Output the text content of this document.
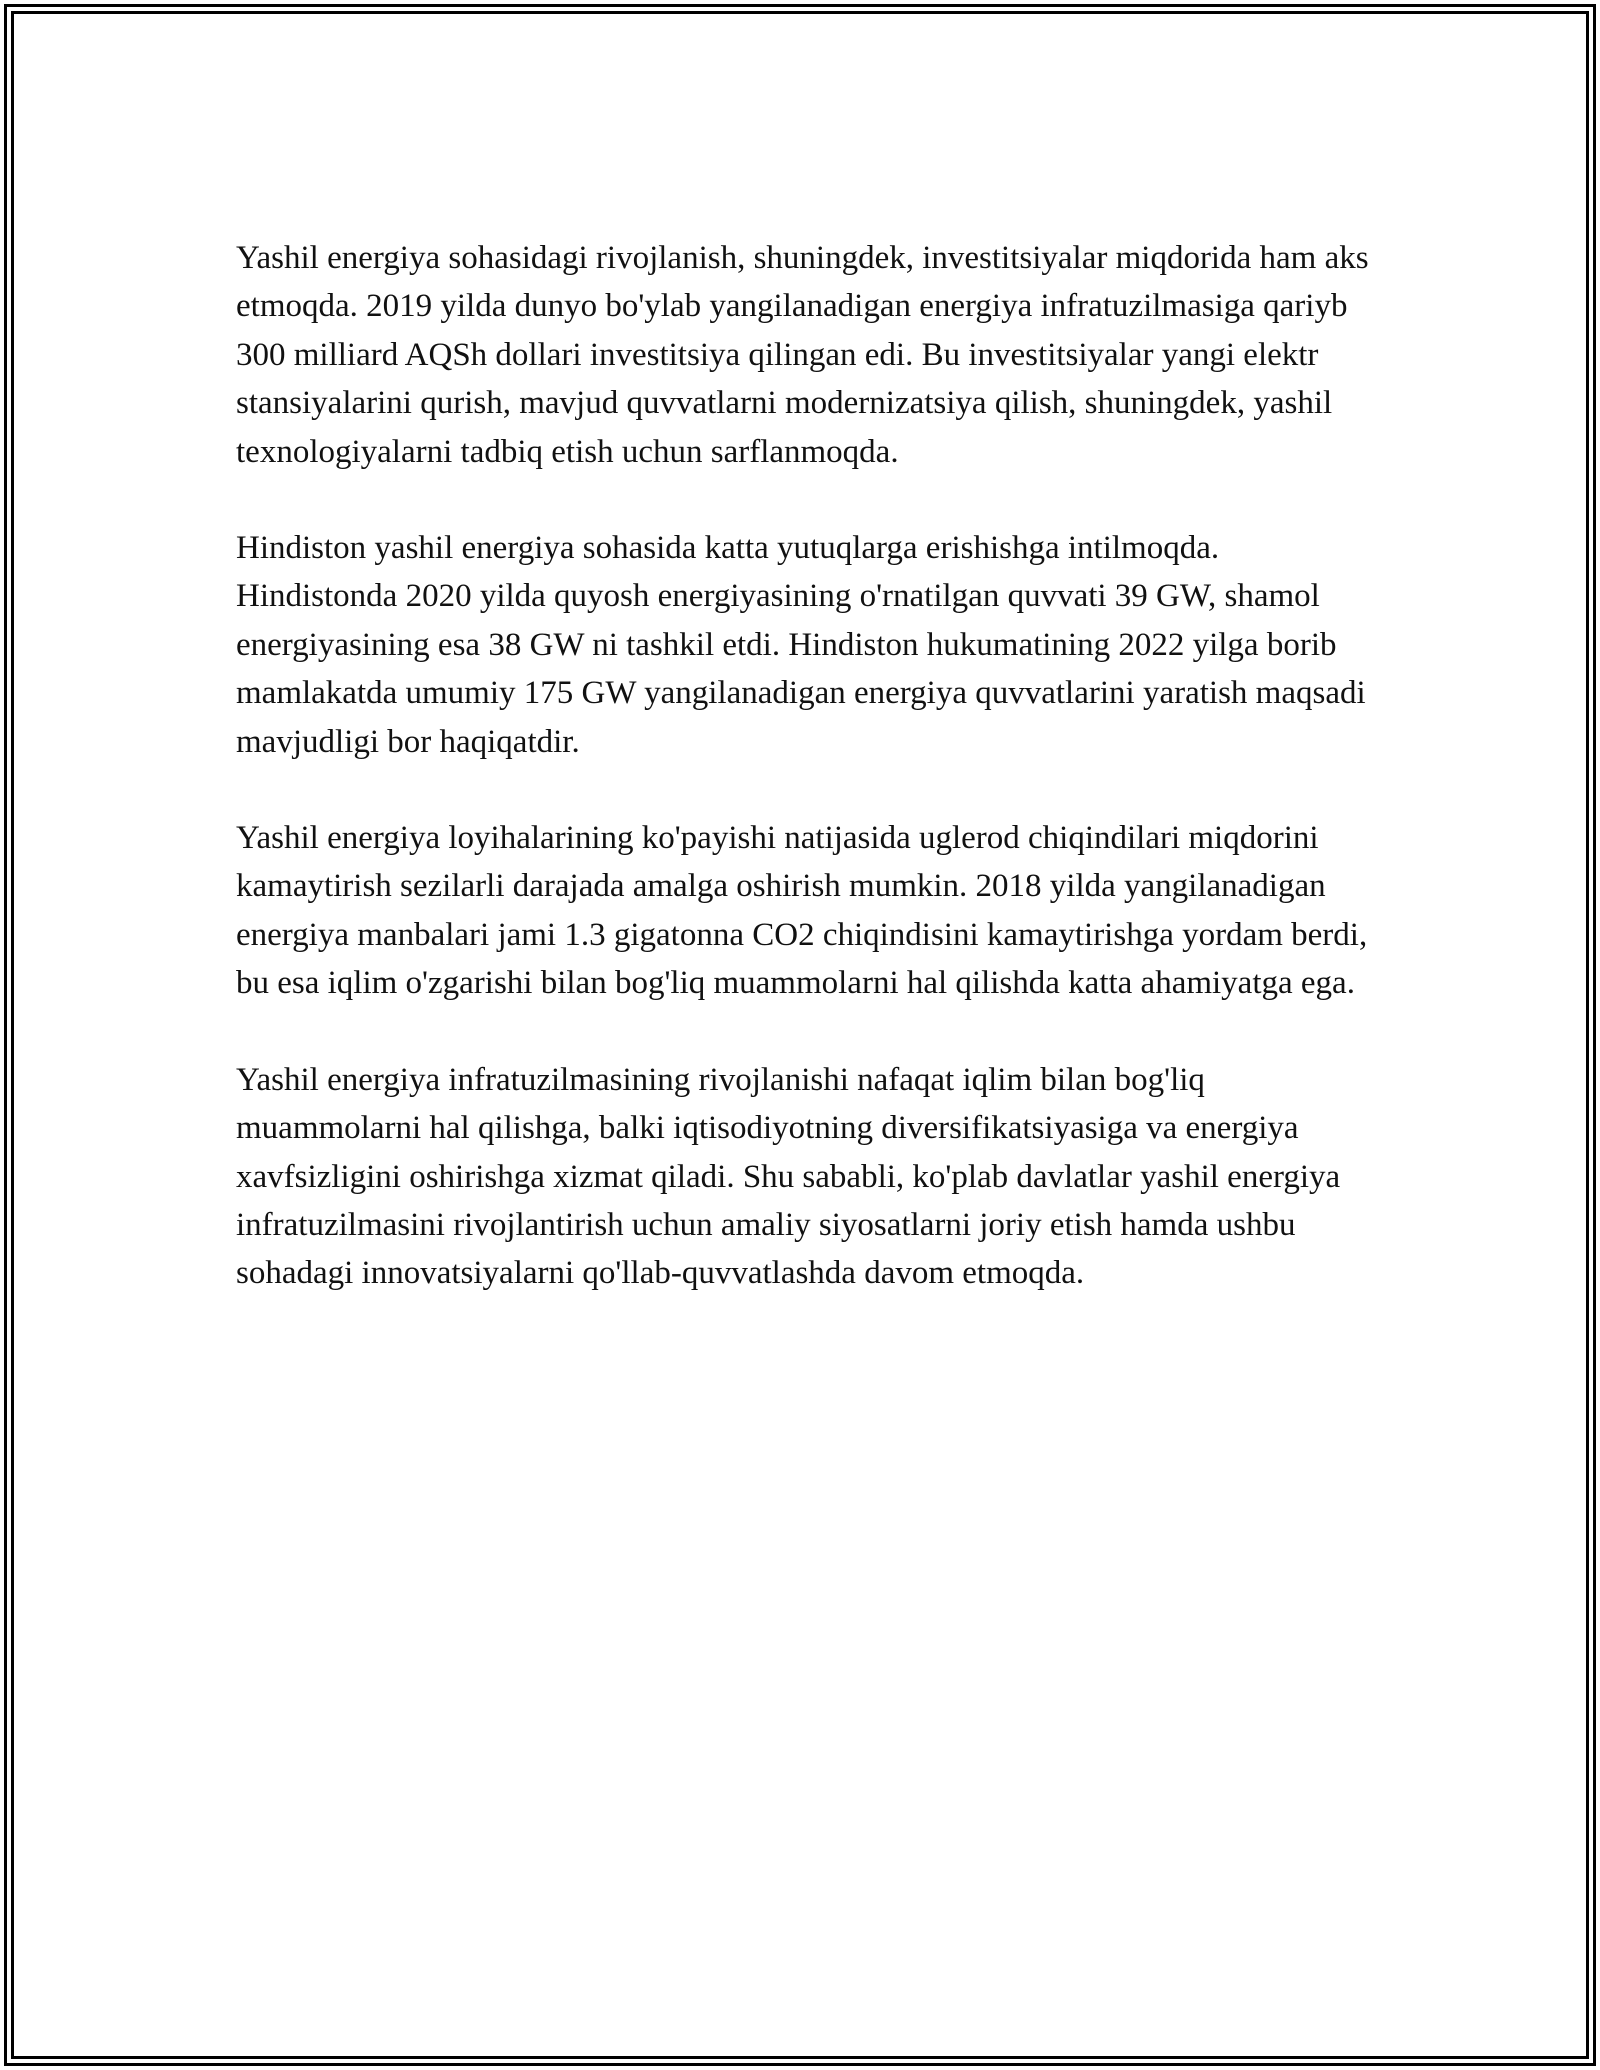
Yashil energiya sohasidagi rivojlanish, shuningdek, investitsiyalar miqdorida ham aks etmoqda. 2019 yilda dunyo bo'ylab yangilanadigan energiya infratuzilmasiga qariyb 300 milliard AQSh dollari investitsiya qilingan edi. Bu investitsiyalar yangi elektr stansiyalarini qurish, mavjud quvvatlarni modernizatsiya qilish, shuningdek, yashil texnologiyalarni tadbiq etish uchun sarflanmoqda.

Hindiston yashil energiya sohasida katta yutuqlarga erishishga intilmoqda. Hindistonda 2020 yilda quyosh energiyasining o'rnatilgan quvvati 39 GW, shamol energiyasining esa 38 GW ni tashkil etdi. Hindiston hukumatining 2022 yilga borib mamlakatda umumiy 175 GW yangilanadigan energiya quvvatlarini yaratish maqsadi mavjudligi bor haqiqatdir.

Yashil energiya loyihalarining ko'payishi natijasida uglerod chiqindilari miqdorini kamaytirish sezilarli darajada amalga oshirish mumkin. 2018 yilda yangilanadigan energiya manbalari jami 1.3 gigatonna CO2 chiqindisini kamaytirishga yordam berdi, bu esa iqlim o'zgarishi bilan bog'liq muammolarni hal qilishda katta ahamiyatga ega.

Yashil energiya infratuzilmasining rivojlanishi nafaqat iqlim bilan bog'liq muammolarni hal qilishga, balki iqtisodiyotning diversifikatsiyasiga va energiya xavfsizligini oshirishga xizmat qiladi. Shu sababli, ko'plab davlatlar yashil energiya infratuzilmasini rivojlantirish uchun amaliy siyosatlarni joriy etish hamda ushbu sohadagi innovatsiyalarni qo'llab-quvvatlashda davom etmoqda.
